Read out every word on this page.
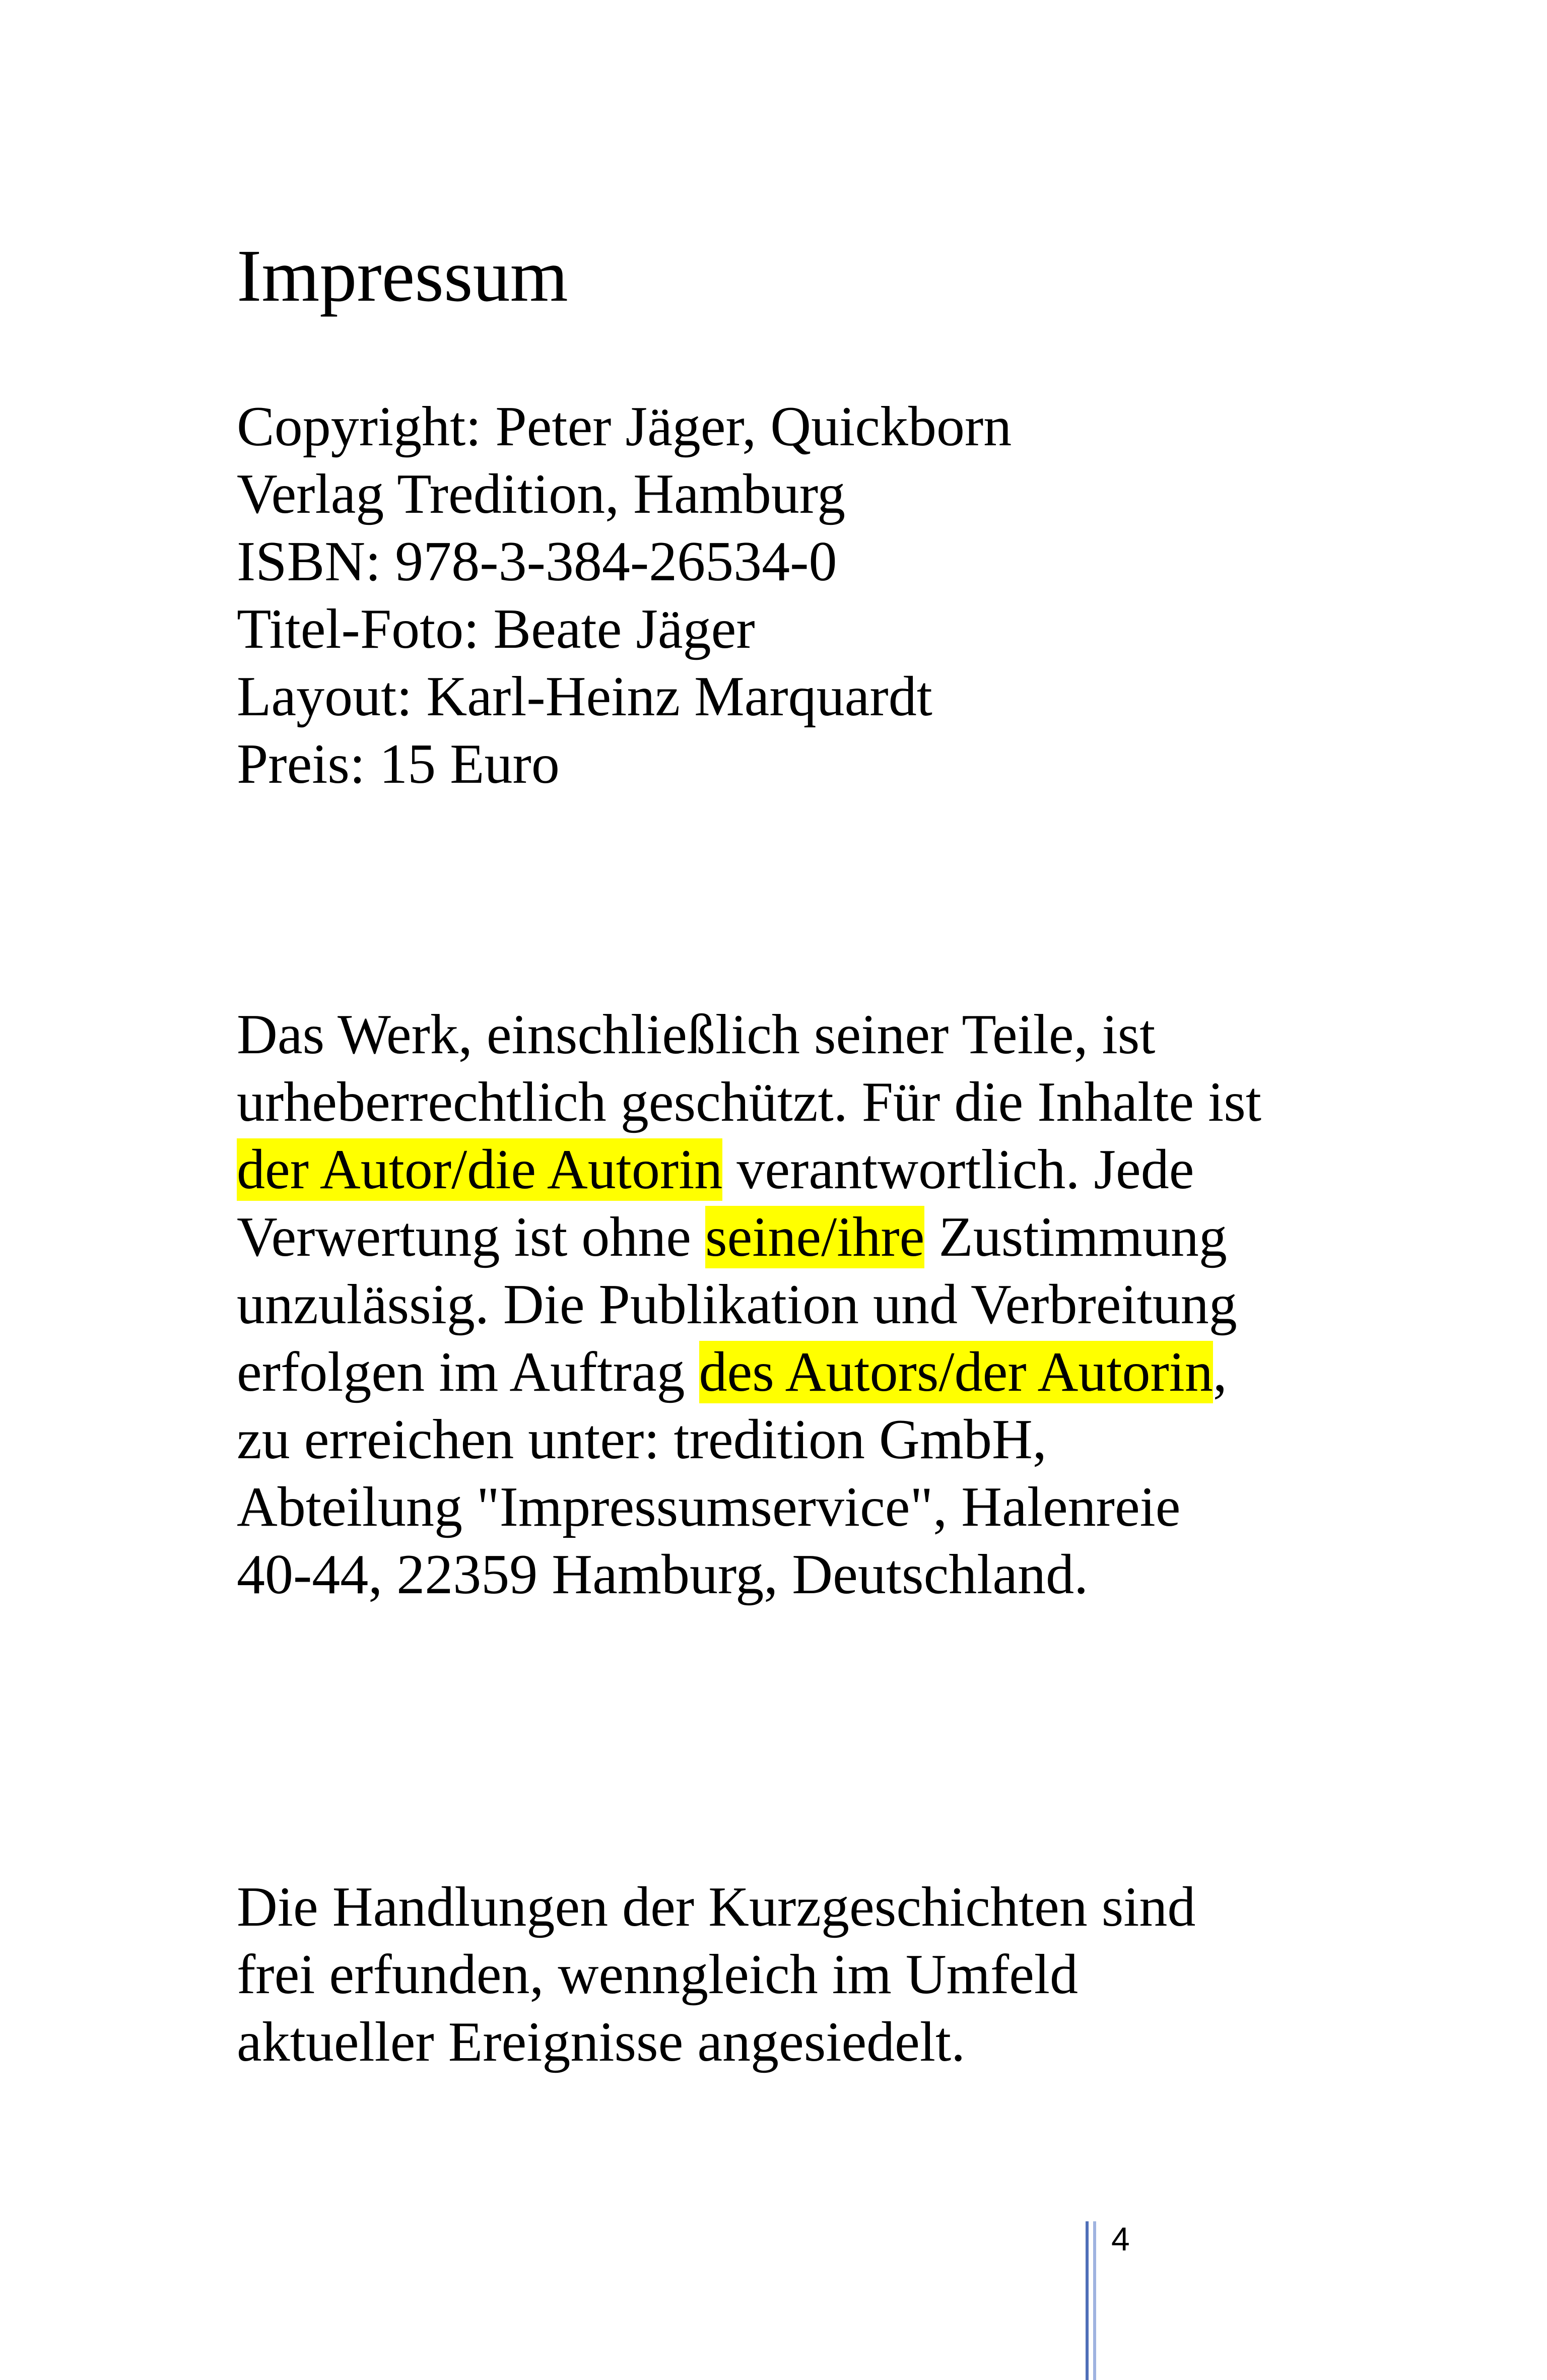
Impressum
Copyright: Peter Jäger, Quickborn
Verlag Tredition, Hamburg
ISBN: 978-3-384-26534-0
Titel-Foto: Beate Jäger
Layout: Karl-Heinz Marquardt
Preis: 15 Euro
Das Werk, einschließlich seiner Teile, ist
urheberrechtlich geschützt. Für die Inhalte ist
der Autor/die Autorin verantwortlich. Jede
Verwertung ist ohne seine/ihre Zustimmung
unzulässig. Die Publikation und Verbreitung
erfolgen im Auftrag des Autors/der Autorin,
zu erreichen unter: tredition GmbH,
Abteilung "Impressumservice", Halenreie
40-44, 22359 Hamburg, Deutschland.
Die Handlungen der Kurzgeschichten sind
frei erfunden, wenngleich im Umfeld
aktueller Ereignisse angesiedelt.
4
